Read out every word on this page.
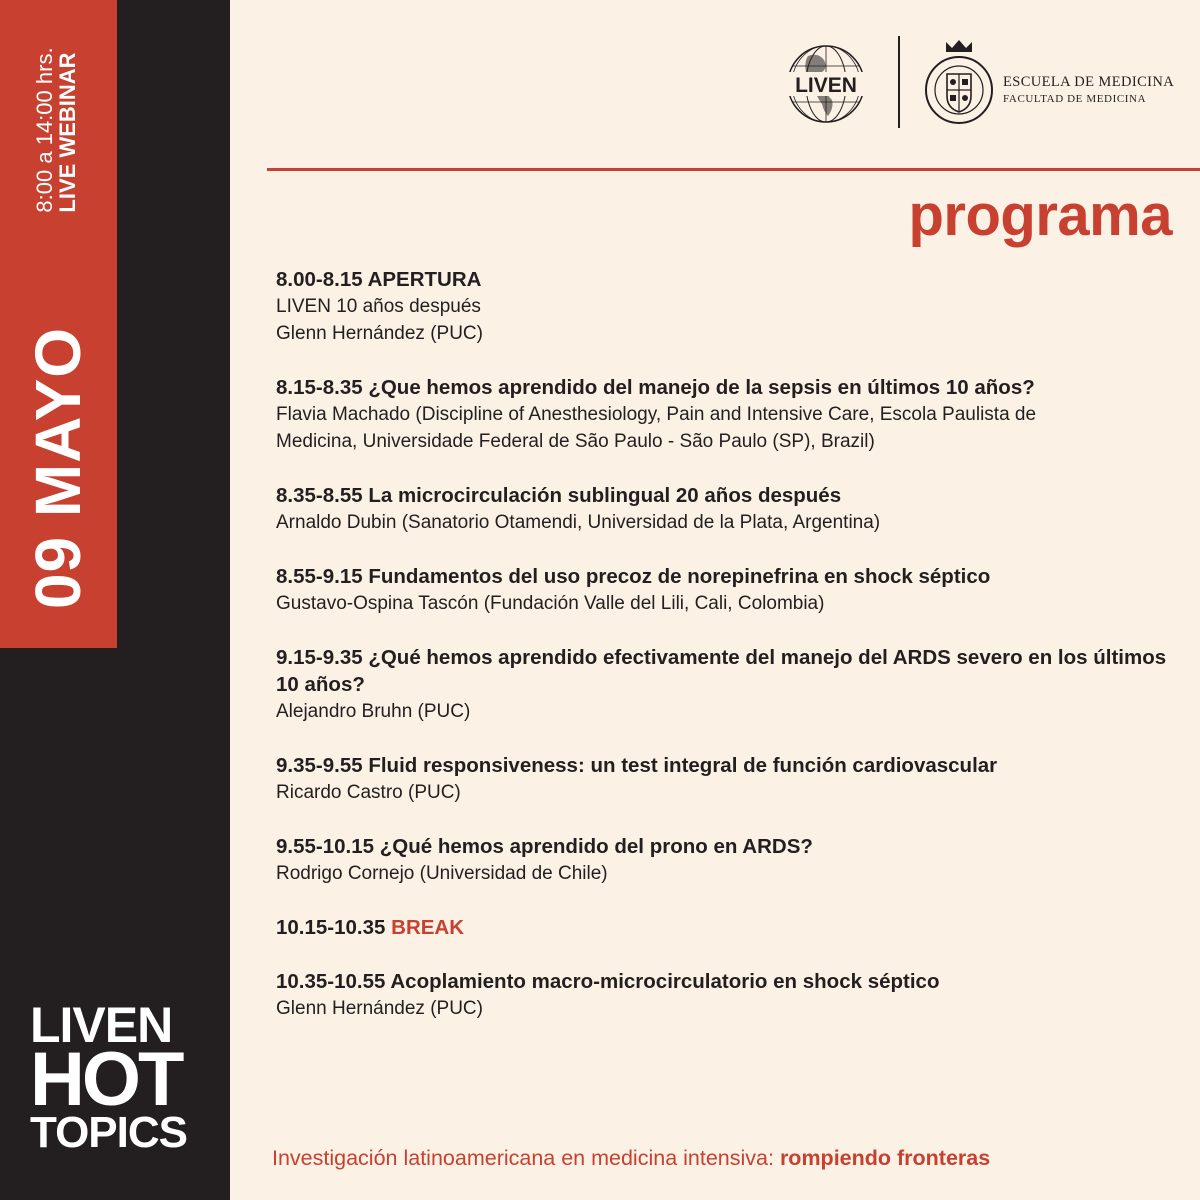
8:00 a 14:00 hrs.
LIVE WEBINAR
09 MAYO
LIVEN
HOT
TOPICS
LIVEN	ESCUELA DE MEDICINA
FACULTAD DE MEDICINA
programa
8.00-8.15 APERTURA
LIVEN 10 años después
Glenn Hernández (PUC)
8.15-8.35 ¿Que hemos aprendido del manejo de la sepsis en últimos 10 años?
Flavia Machado (Discipline of Anesthesiology, Pain and Intensive Care, Escola Paulista de
Medicina, Universidade Federal de São Paulo - São Paulo (SP), Brazil)
8.35-8.55 La microcirculación sublingual 20 años después
Arnaldo Dubin (Sanatorio Otamendi, Universidad de la Plata, Argentina)
8.55-9.15 Fundamentos del uso precoz de norepinefrina en shock séptico
Gustavo-Ospina Tascón (Fundación Valle del Lili, Cali, Colombia)
9.15-9.35 ¿Qué hemos aprendido efectivamente del manejo del ARDS severo en los últimos 10 años?
Alejandro Bruhn (PUC)
9.35-9.55 Fluid responsiveness: un test integral de función cardiovascular
Ricardo Castro (PUC)
9.55-10.15 ¿Qué hemos aprendido del prono en ARDS?
Rodrigo Cornejo (Universidad de Chile)
10.15-10.35 BREAK
10.35-10.55 Acoplamiento macro-microcirculatorio en shock séptico
Glenn Hernández (PUC)
Investigación latinoamericana en medicina intensiva: rompiendo fronteras
